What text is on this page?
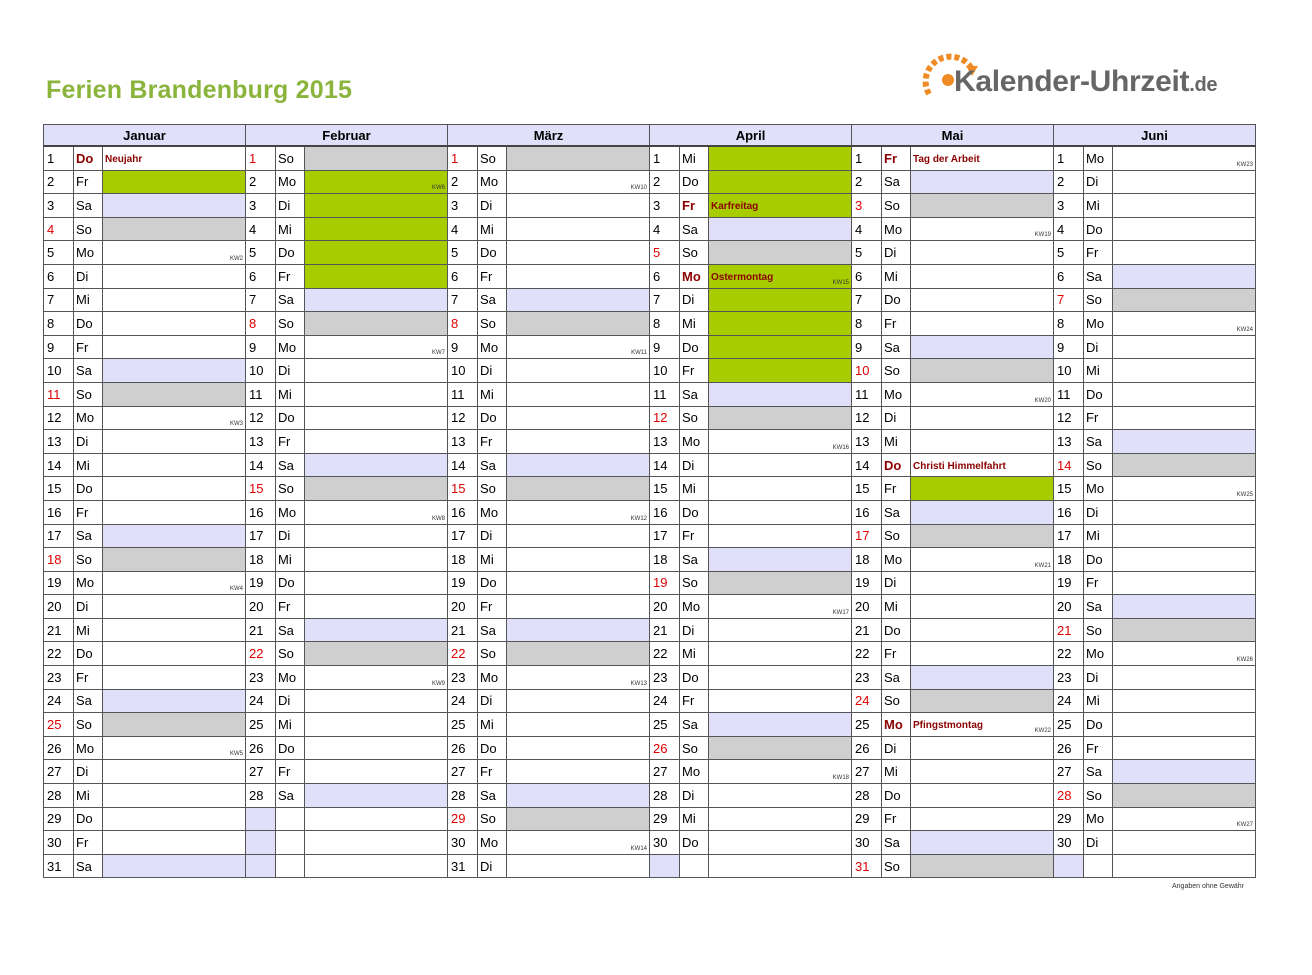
Ferien Brandenburg 2015	Kalender-Uhrzeit.de
Januar			Februar			März			April			Mai			Juni		
1	Do	Neujahr	1	So		1	So		1	Mi		1	Fr	Tag der Arbeit	1	Mo	KW23

2	Fr		2	Mo	KW6	2	Mo	KW10	2	Do		2	Sa		2	Di	
3	Sa		3	Di		3	Di		3	Fr	Karfreitag	3	So		3	Mi	
4	So		4	Mi		4	Mi		4	Sa		4	Mo	KW19	4	Do	
5	Mo	KW2	5	Do		5	Do		5	So		5	Di		5	Fr	
6	Di		6	Fr		6	Fr		6	Mo	Ostermontag KW15	6	Mi		6	Sa	
7	Mi		7	Sa		7	Sa		7	Di		7	Do		7	So	
8	Do		8	So		8	So		8	Mi		8	Fr		8	Mo	KW24

9	Fr		9	Mo	KW7	9	Mo	KW11	9	Do		9	Sa		9	Di	
10	Sa		10	Di		10	Di		10	Fr		10	So		10	Mi	
11	So		11	Mi		11	Mi		11	Sa		11	Mo	KW20	11	Do	
12	Mo	KW3	12	Do		12	Do		12	So		12	Di		12	Fr	
13	Di		13	Fr		13	Fr		13	Mo	KW16	13	Mi		13	Sa	
14	Mi		14	Sa		14	Sa		14	Di		14	Do	Christi Himmelfahrt	14	So	
15	Do		15	So		15	So		15	Mi		15	Fr		15	Mo	KW25

16	Fr		16	Mo	KW8	16	Mo	KW12	16	Do		16	Sa		16	Di	
17	Sa		17	Di		17	Di		17	Fr		17	So		17	Mi	
18	So		18	Mi		18	Mi		18	Sa		18	Mo	KW21	18	Do	
19	Mo	KW4	19	Do		19	Do		19	So		19	Di		19	Fr	
20	Di		20	Fr		20	Fr		20	Mo	KW17	20	Mi		20	Sa	
21	Mi		21	Sa		21	Sa		21	Di		21	Do		21	So	
22	Do		22	So		22	So		22	Mi		22	Fr		22	Mo	KW26

23	Fr		23	Mo	KW9	23	Mo	KW13	23	Do		23	Sa		23	Di	
24	Sa		24	Di		24	Di		24	Fr		24	So		24	Mi	
25	So		25	Mi		25	Mi		25	Sa		25	Mo	Pfingstmontag KW22	25	Do	
26	Mo	KW5	26	Do		26	Do		26	So		26	Di		26	Fr	
27	Di		27	Fr		27	Fr		27	Mo	KW18	27	Mi		27	Sa	
28	Mi		28	Sa		28	Sa		28	Di		28	Do		28	So	
29	Do					29	So		29	Mi		29	Fr		29	Mo	KW27

30	Fr					30	Mo	KW14	30	Do		30	Sa		30	Di	
31	Sa					31	Di					31	So				
Angaben ohne Gewähr
